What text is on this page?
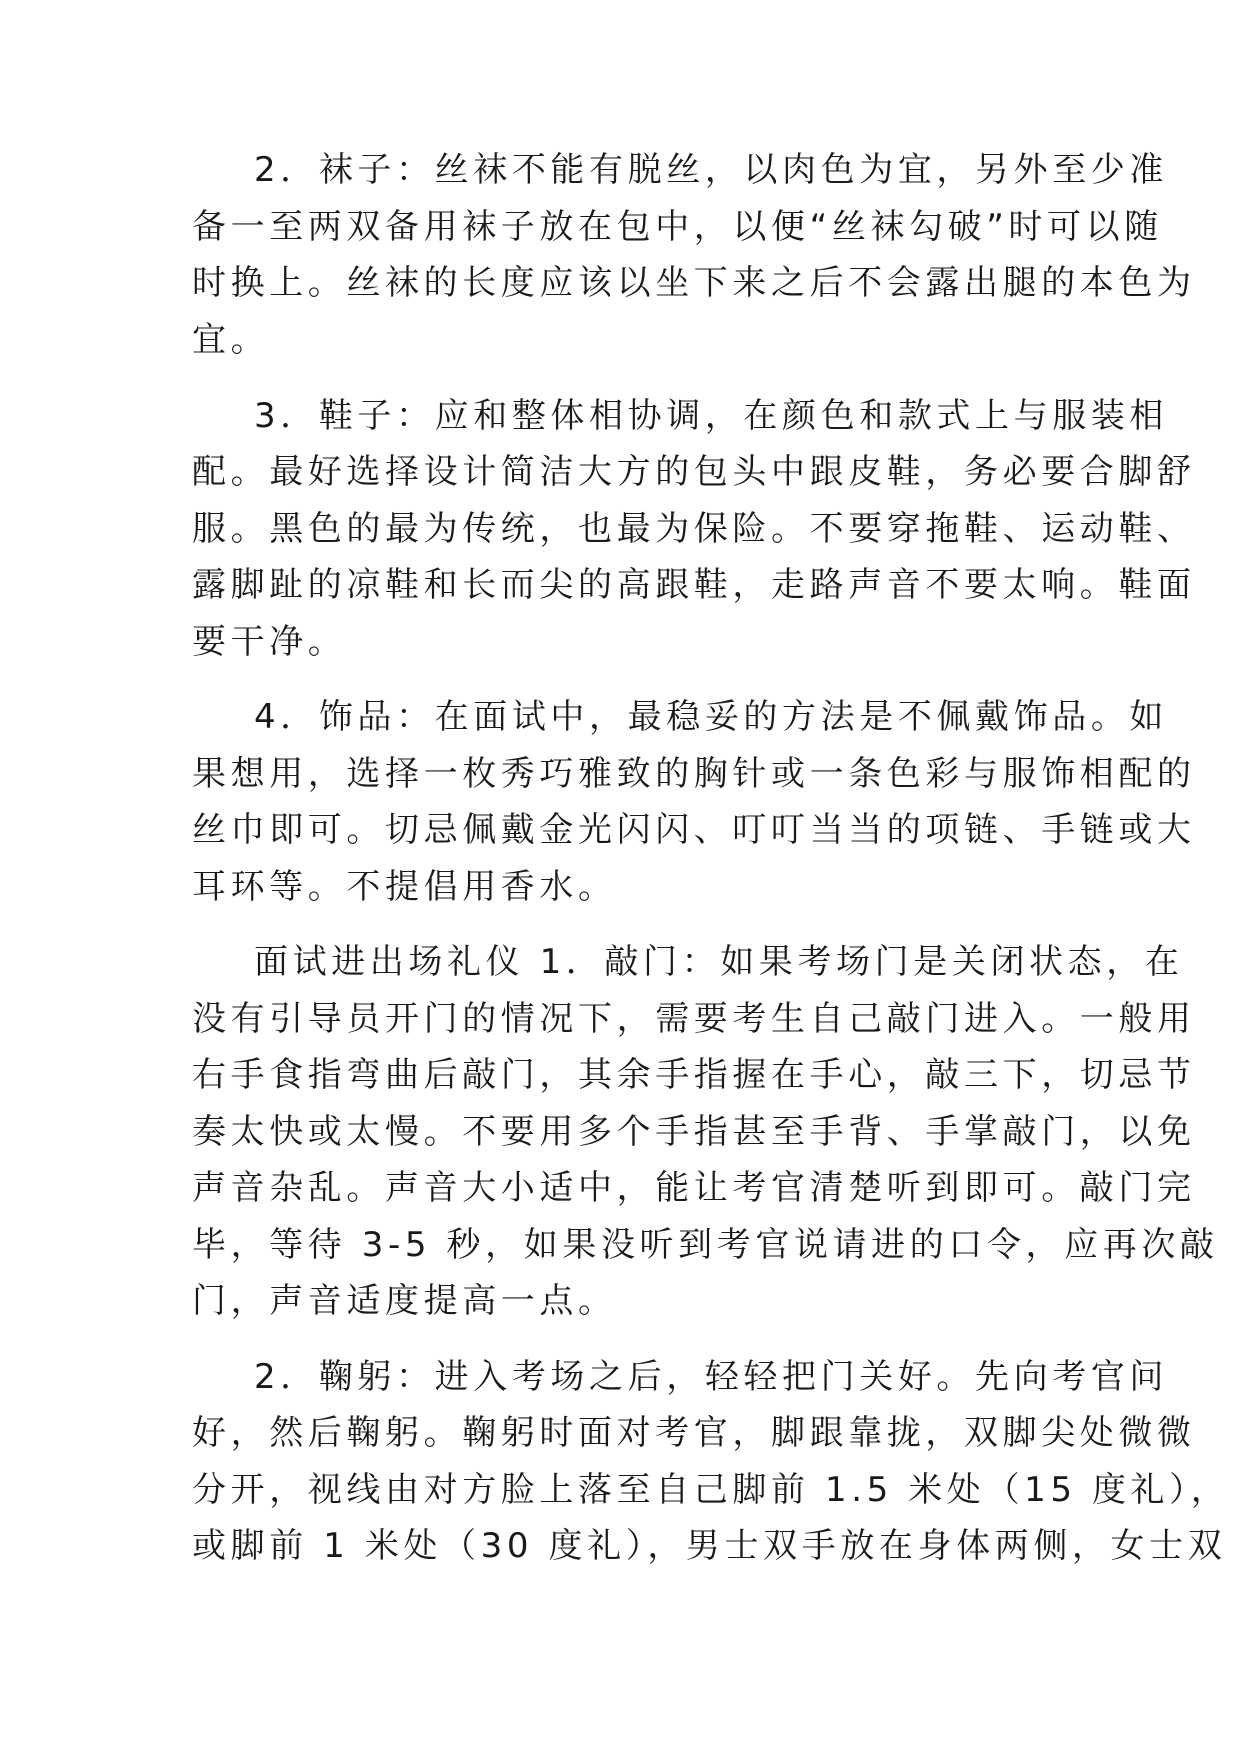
2．袜子：丝袜不能有脱丝，以肉色为宜，另外至少准

备一至两双备用袜子放在包中，以便“丝袜勾破”时可以随

时换上。丝袜的长度应该以坐下来之后不会露出腿的本色为

宜。

3．鞋子：应和整体相协调，在颜色和款式上与服装相

配。最好选择设计简洁大方的包头中跟皮鞋，务必要合脚舒

服。黑色的最为传统，也最为保险。不要穿拖鞋、运动鞋、

露脚趾的凉鞋和长而尖的高跟鞋，走路声音不要太响。鞋面

要干净。

4．饰品：在面试中，最稳妥的方法是不佩戴饰品。如

果想用，选择一枚秀巧雅致的胸针或一条色彩与服饰相配的

丝巾即可。切忌佩戴金光闪闪、叮叮当当的项链、手链或大

耳环等。不提倡用香水。

面试进出场礼仪 1．敲门：如果考场门是关闭状态，在

没有引导员开门的情况下，需要考生自己敲门进入。一般用

右手食指弯曲后敲门，其余手指握在手心，敲三下，切忌节

奏太快或太慢。不要用多个手指甚至手背、手掌敲门，以免

声音杂乱。声音大小适中，能让考官清楚听到即可。敲门完

毕，等待 3-5 秒，如果没听到考官说请进的口令，应再次敲

门，声音适度提高一点。

2．鞠躬：进入考场之后，轻轻把门关好。先向考官问

好，然后鞠躬。鞠躬时面对考官，脚跟靠拢，双脚尖处微微

分开，视线由对方脸上落至自己脚前 1.5 米处（15 度礼），

或脚前 1 米处（30 度礼），男士双手放在身体两侧，女士双
